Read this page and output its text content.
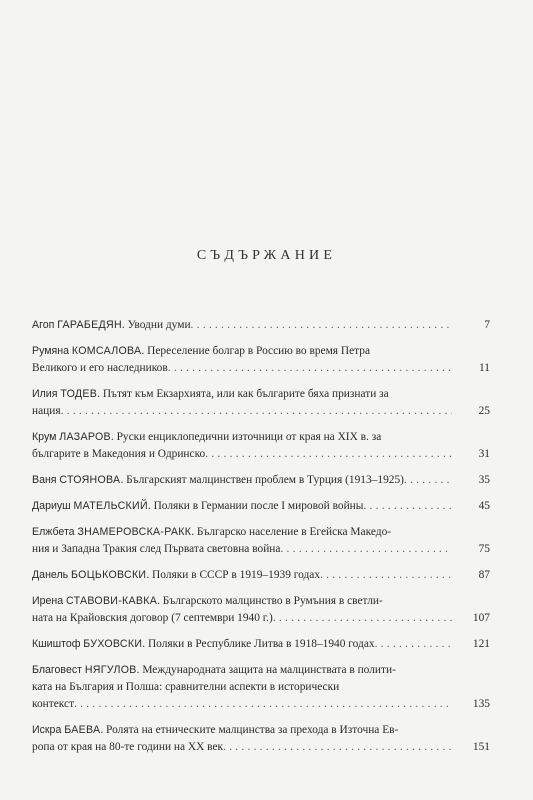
СЪДЪРЖАНИЕ
Агоп ГАРАБЕДЯН. Уводни думи . . .	7
Румяна КОМСАЛОВА. Переселение болгар в Россию во время Петра
Великого и его наследников . . .	11
Илия ТОДЕВ. Пътят към Екзархията, или как българите бяха признати за
нация . . .	25
Крум ЛАЗАРОВ. Руски енциклопедични източници от края на XIX в. за
българите в Македония и Одринско . . .	31
Ваня СТОЯНОВА. Българският малцинствен проблем в Турция (1913–1925) . . .	35
Дариуш МАТЕЛЬСКИЙ. Поляки в Германии после I мировой войны . . .	45
Елжбета ЗНАМЕРОВСКА-РАКК. Българско население в Егейска Македо-
ния и Западна Тракия след Първата световна война . . .	75
Данель БОЦЬКОВСКИ. Поляки в СССР в 1919–1939 годах . . .	87
Ирена СТАВОВИ-КАВКА. Българското малцинство в Румъния в светли-
ната на Крайовския договор (7 септември 1940 г.) . . .	107
Кшиштоф БУХОВСКИ. Поляки в Республике Литва в 1918–1940 годах . . .	121
Благовест НЯГУЛОВ. Международната защита на малцинствата в полити-
ката на България и Полша: сравнителни аспекти в исторически
контекст . . .	135
Искра БАЕВА. Ролята на етническите малцинства за прехода в Източна Ев-
ропа от края на 80-те години на XX век . . .	151
